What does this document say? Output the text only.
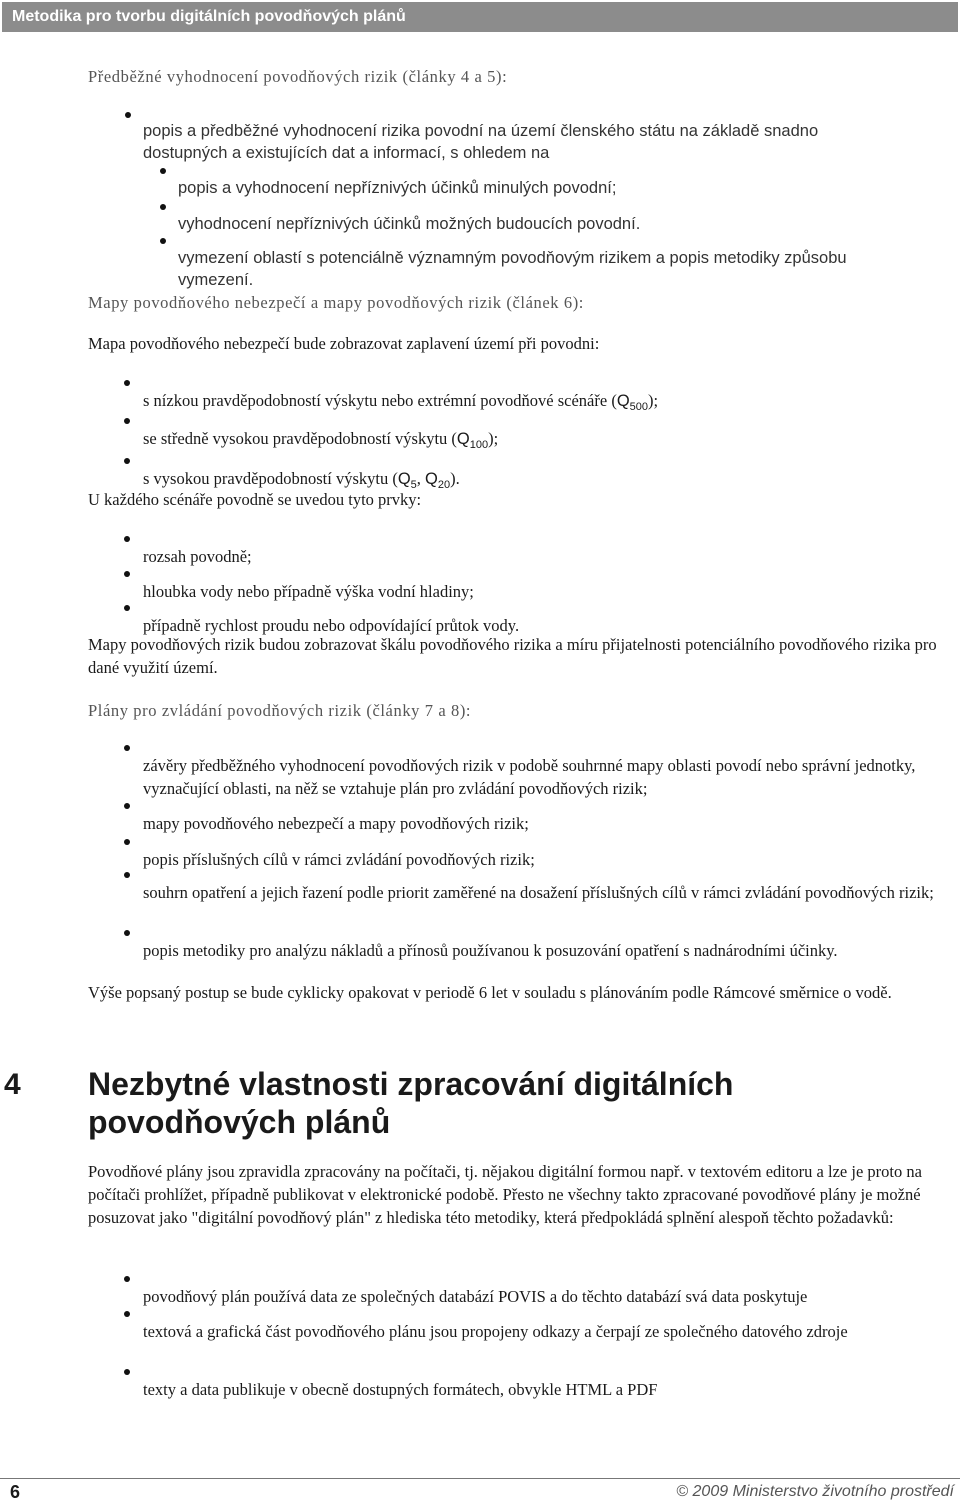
Metodika pro tvorbu digitálních povodňových plánů

Předběžné vyhodnocení povodňových rizik (články 4 a 5):

popis a předběžné vyhodnocení rizika povodní na území členského státu na základě snadno dostupných a existujících dat a informací, s ohledem na

popis a vyhodnocení nepříznivých účinků minulých povodní;

vyhodnocení nepříznivých účinků možných budoucích povodní.

vymezení oblastí s potenciálně významným povodňovým rizikem a popis metodiky způsobu vymezení.

Mapy povodňového nebezpečí a mapy povodňových rizik (článek 6):

Mapa povodňového nebezpečí bude zobrazovat zaplavení území při povodni:

s nízkou pravděpodobností výskytu nebo extrémní povodňové scénáře $(Q_{500})$;

se středně vysokou pravděpodobností výskytu $(Q_{100})$;

s vysokou pravděpodobností výskytu ($Q_5$, $Q_{20}$).

U každého scénáře povodně se uvedou tyto prvky:

rozsah povodně;

hloubka vody nebo případně výška vodní hladiny;

případně rychlost proudu nebo odpovídající průtok vody.

Mapy povodňových rizik budou zobrazovat škálu povodňového rizika a míru přijatelnosti potenciálního povodňového rizika pro dané využití území.

Plány pro zvládání povodňových rizik (články 7 a 8):

závěry předběžného vyhodnocení povodňových rizik v podobě souhrnné mapy oblasti povodí nebo správní jednotky, vyznačující oblasti, na něž se vztahuje plán pro zvládání povodňových rizik;

mapy povodňového nebezpečí a mapy povodňových rizik;

popis příslušných cílů v rámci zvládání povodňových rizik;

souhrn opatření a jejich řazení podle priorit zaměřené na dosažení příslušných cílů v rámci zvládání povodňových rizik;

popis metodiky pro analýzu nákladů a přínosů používanou k posuzování opatření s nadnárodními účinky.

Výše popsaný postup se bude cyklicky opakovat v periodě 6 let v souladu s plánováním podle Rámcové směrnice o vodě.

4 Nezbytné vlastnosti zpracování digitálních povodňových plánů

Povodňové plány jsou zpravidla zpracovány na počítači, tj. nějakou digitální formou např. v textovém editoru a lze je proto na počítači prohlížet, případně publikovat v elektronické podobě. Přesto ne všechny takto zpracované povodňové plány je možné posuzovat jako "digitální povodňový plán" z hlediska této metodiky, která předpokládá splnění alespoň těchto požadavků:

povodňový plán používá data ze společných databází POVIS a do těchto databází svá data poskytuje

textová a grafická část povodňového plánu jsou propojeny odkazy a čerpají ze společného datového zdroje

texty a data publikuje v obecně dostupných formátech, obvykle HTML a PDF

6	© 2009 Ministerstvo životního prostředí
